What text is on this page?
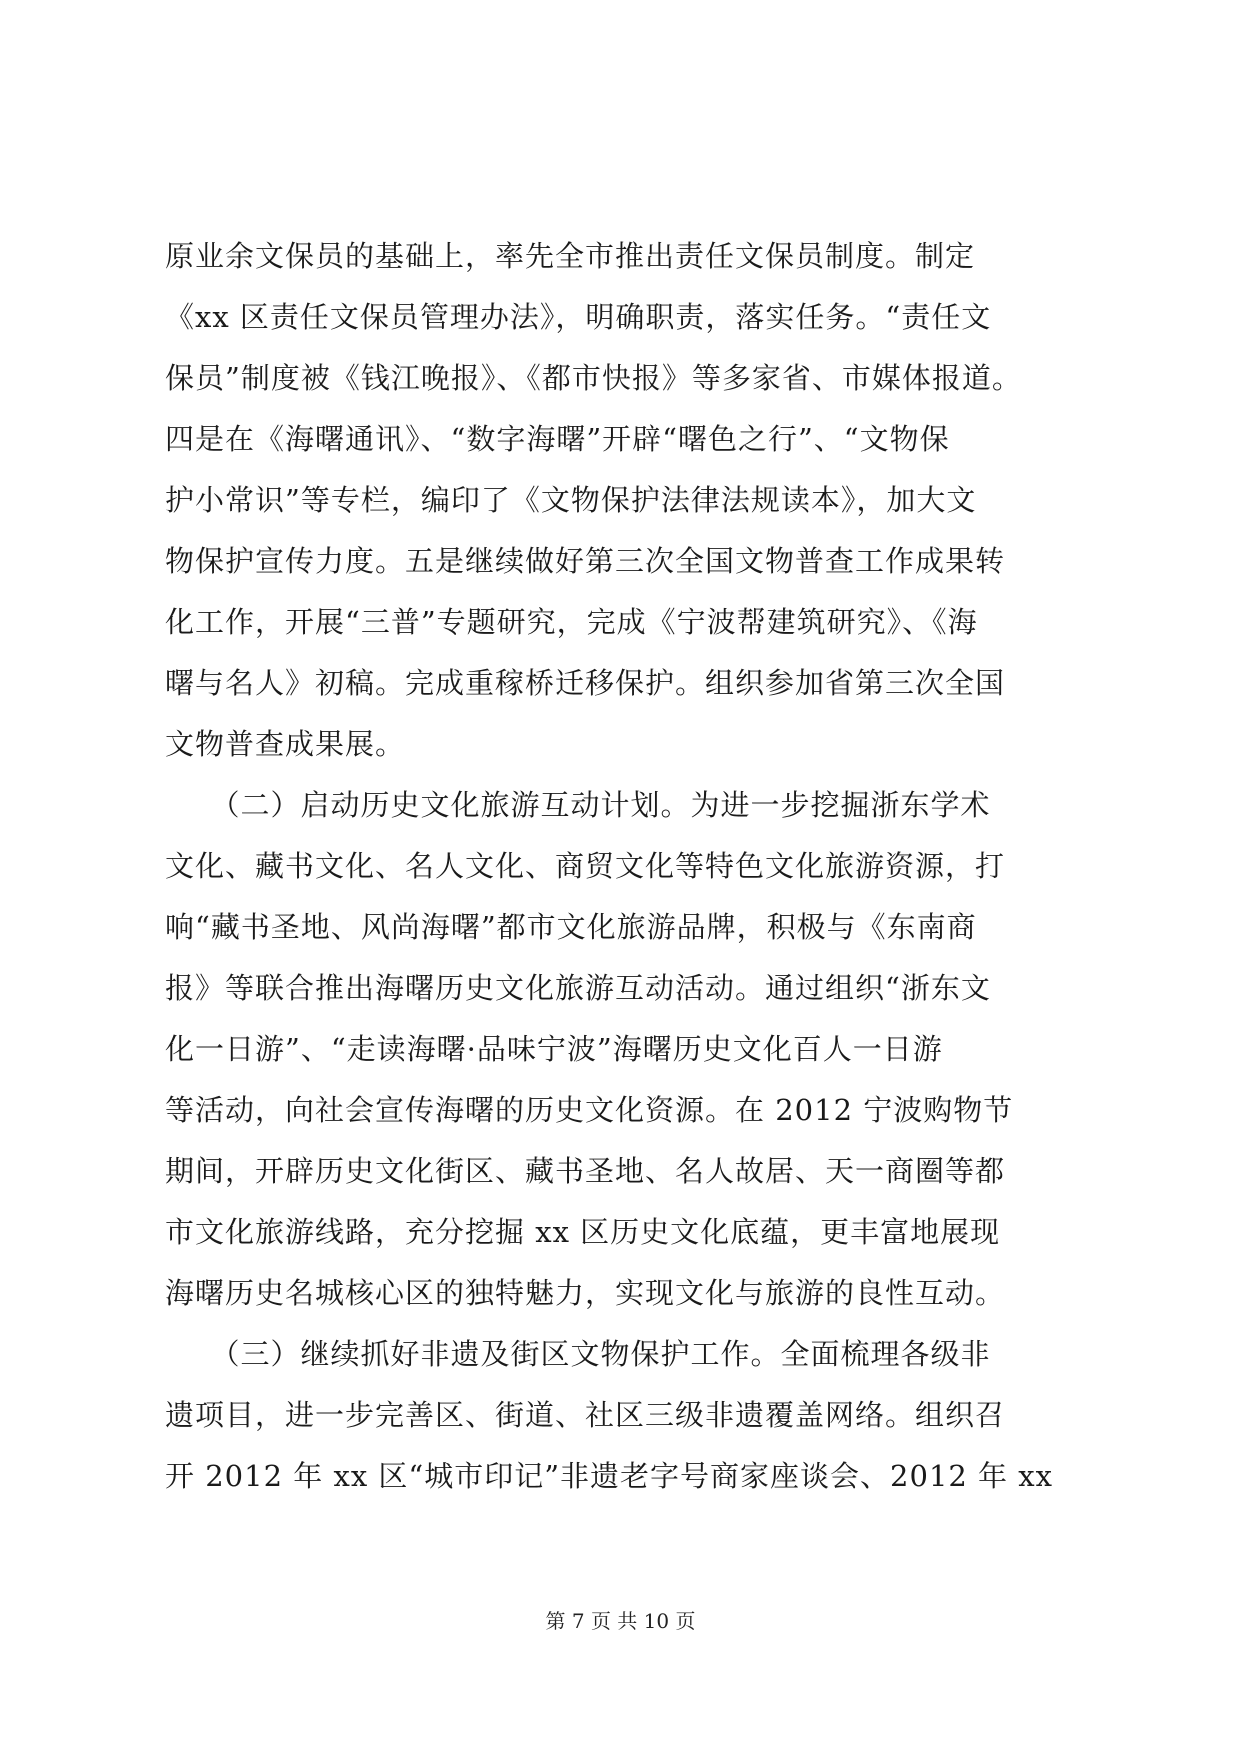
原业余文保员的基础上，率先全市推出责任文保员制度。制定
《xx 区责任文保员管理办法》，明确职责，落实任务。“责任文
保员”制度被《钱江晚报》、《都市快报》等多家省、市媒体报道。
四是在《海曙通讯》、“数字海曙”开辟“曙色之行”、“文物保
护小常识”等专栏，编印了《文物保护法律法规读本》，加大文
物保护宣传力度。五是继续做好第三次全国文物普查工作成果转
化工作，开展“三普”专题研究，完成《宁波帮建筑研究》、《海
曙与名人》初稿。完成重稼桥迁移保护。组织参加省第三次全国
文物普查成果展。
　　（二）启动历史文化旅游互动计划。为进一步挖掘浙东学术
文化、藏书文化、名人文化、商贸文化等特色文化旅游资源，打
响“藏书圣地、风尚海曙”都市文化旅游品牌，积极与《东南商
报》等联合推出海曙历史文化旅游互动活动。通过组织“浙东文
化一日游”、“走读海曙·品味宁波”海曙历史文化百人一日游
等活动，向社会宣传海曙的历史文化资源。在 2012 宁波购物节
期间，开辟历史文化街区、藏书圣地、名人故居、天一商圈等都
市文化旅游线路，充分挖掘 xx 区历史文化底蕴，更丰富地展现
海曙历史名城核心区的独特魅力，实现文化与旅游的良性互动。
　　（三）继续抓好非遗及街区文物保护工作。全面梳理各级非
遗项目，进一步完善区、街道、社区三级非遗覆盖网络。组织召
开 2012 年 xx 区“城市印记”非遗老字号商家座谈会、2012 年 xx
第 7 页 共 10 页
